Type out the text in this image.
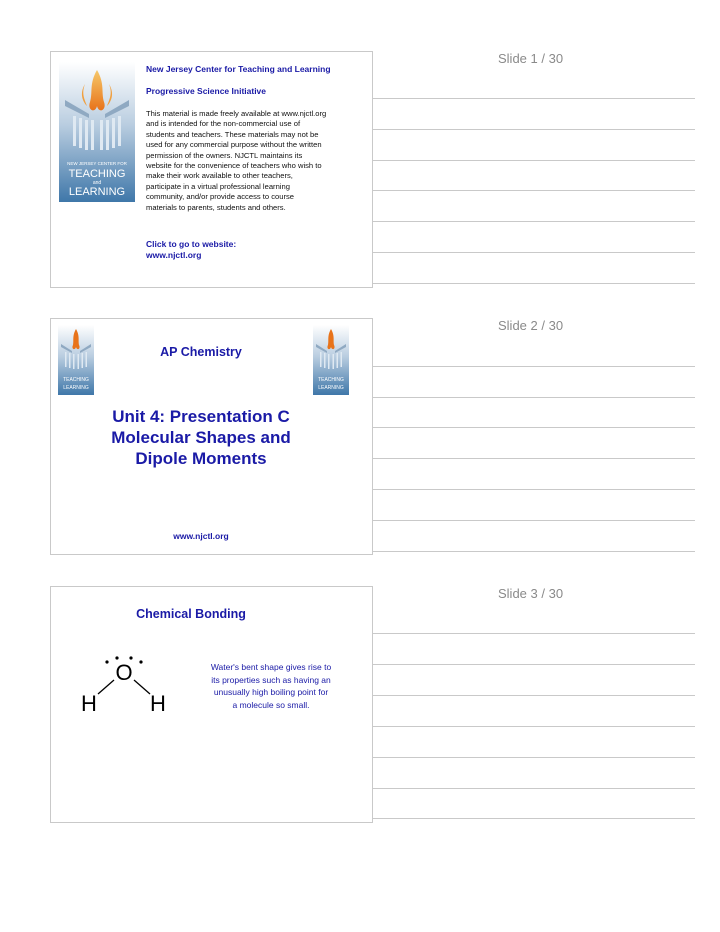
Slide 1 / 30
NEW JERSEY CENTER FOR
TEACHING
and
LEARNING
New Jersey Center for Teaching and Learning
Progressive Science Initiative
This material is made freely available at www.njctl.org
and is intended for the non-commercial use of
students and teachers. These materials may not be
used for any commercial purpose without the written
permission of the owners. NJCTL maintains its
website for the convenience of teachers who wish to
make their work available to other teachers,
participate in a virtual professional learning
community, and/or provide access to course
materials to parents, students and others.
Click to go to website:
www.njctl.org
Slide 2 / 30
TEACHING
LEARNING
TEACHING
LEARNING
AP Chemistry
Unit 4: Presentation C
Molecular Shapes and
Dipole Moments
www.njctl.org
Slide 3 / 30
Chemical Bonding
O
H H
Water's bent shape gives rise to
its properties such as having an
unusually high boiling point for
a molecule so small.
